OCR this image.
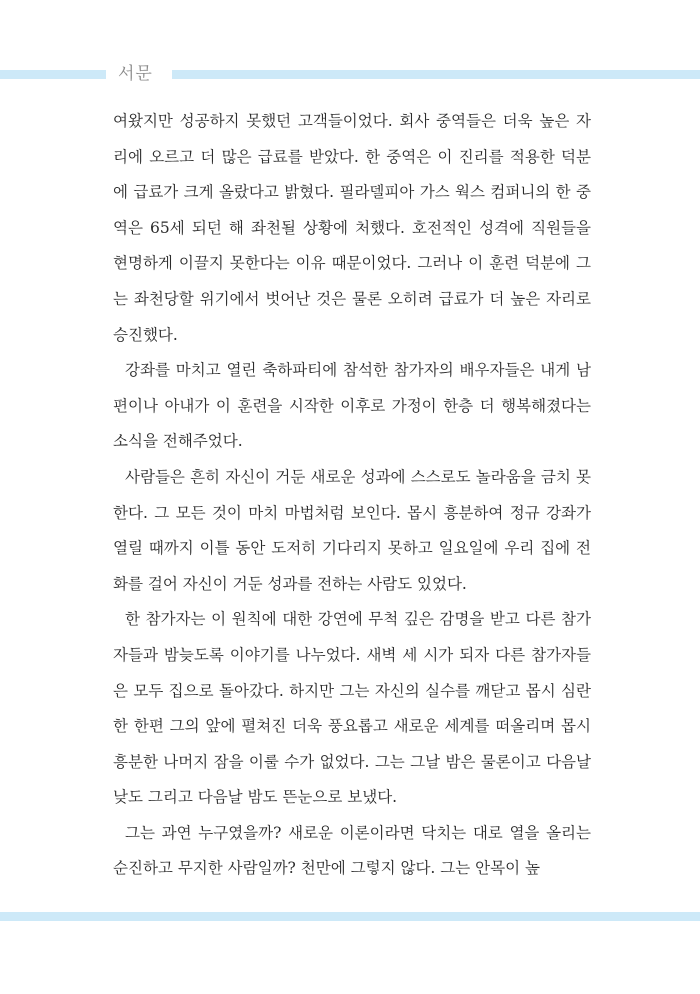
서문

여왔지만 성공하지 못했던 고객들이었다. 회사 중역들은 더욱 높은 자리에 오르고 더 많은 급료를 받았다. 한 중역은 이 진리를 적용한 덕분에 급료가 크게 올랐다고 밝혔다. 필라델피아 가스 웍스 컴퍼니의 한 중역은 65세 되던 해 좌천될 상황에 처했다. 호전적인 성격에 직원들을 현명하게 이끌지 못한다는 이유 때문이었다. 그러나 이 훈련 덕분에 그는 좌천당할 위기에서 벗어난 것은 물론 오히려 급료가 더 높은 자리로 승진했다.

강좌를 마치고 열린 축하파티에 참석한 참가자의 배우자들은 내게 남편이나 아내가 이 훈련을 시작한 이후로 가정이 한층 더 행복해졌다는 소식을 전해주었다.

사람들은 흔히 자신이 거둔 새로운 성과에 스스로도 놀라움을 금치 못한다. 그 모든 것이 마치 마법처럼 보인다. 몹시 흥분하여 정규 강좌가 열릴 때까지 이틀 동안 도저히 기다리지 못하고 일요일에 우리 집에 전화를 걸어 자신이 거둔 성과를 전하는 사람도 있었다.

한 참가자는 이 원칙에 대한 강연에 무척 깊은 감명을 받고 다른 참가자들과 밤늦도록 이야기를 나누었다. 새벽 세 시가 되자 다른 참가자들은 모두 집으로 돌아갔다. 하지만 그는 자신의 실수를 깨닫고 몹시 심란한 한편 그의 앞에 펼쳐진 더욱 풍요롭고 새로운 세계를 떠올리며 몹시 흥분한 나머지 잠을 이룰 수가 없었다. 그는 그날 밤은 물론이고 다음날 낮도 그리고 다음날 밤도 뜬눈으로 보냈다.

그는 과연 누구였을까? 새로운 이론이라면 닥치는 대로 열을 올리는 순진하고 무지한 사람일까? 천만에 그렇지 않다. 그는 안목이 높
